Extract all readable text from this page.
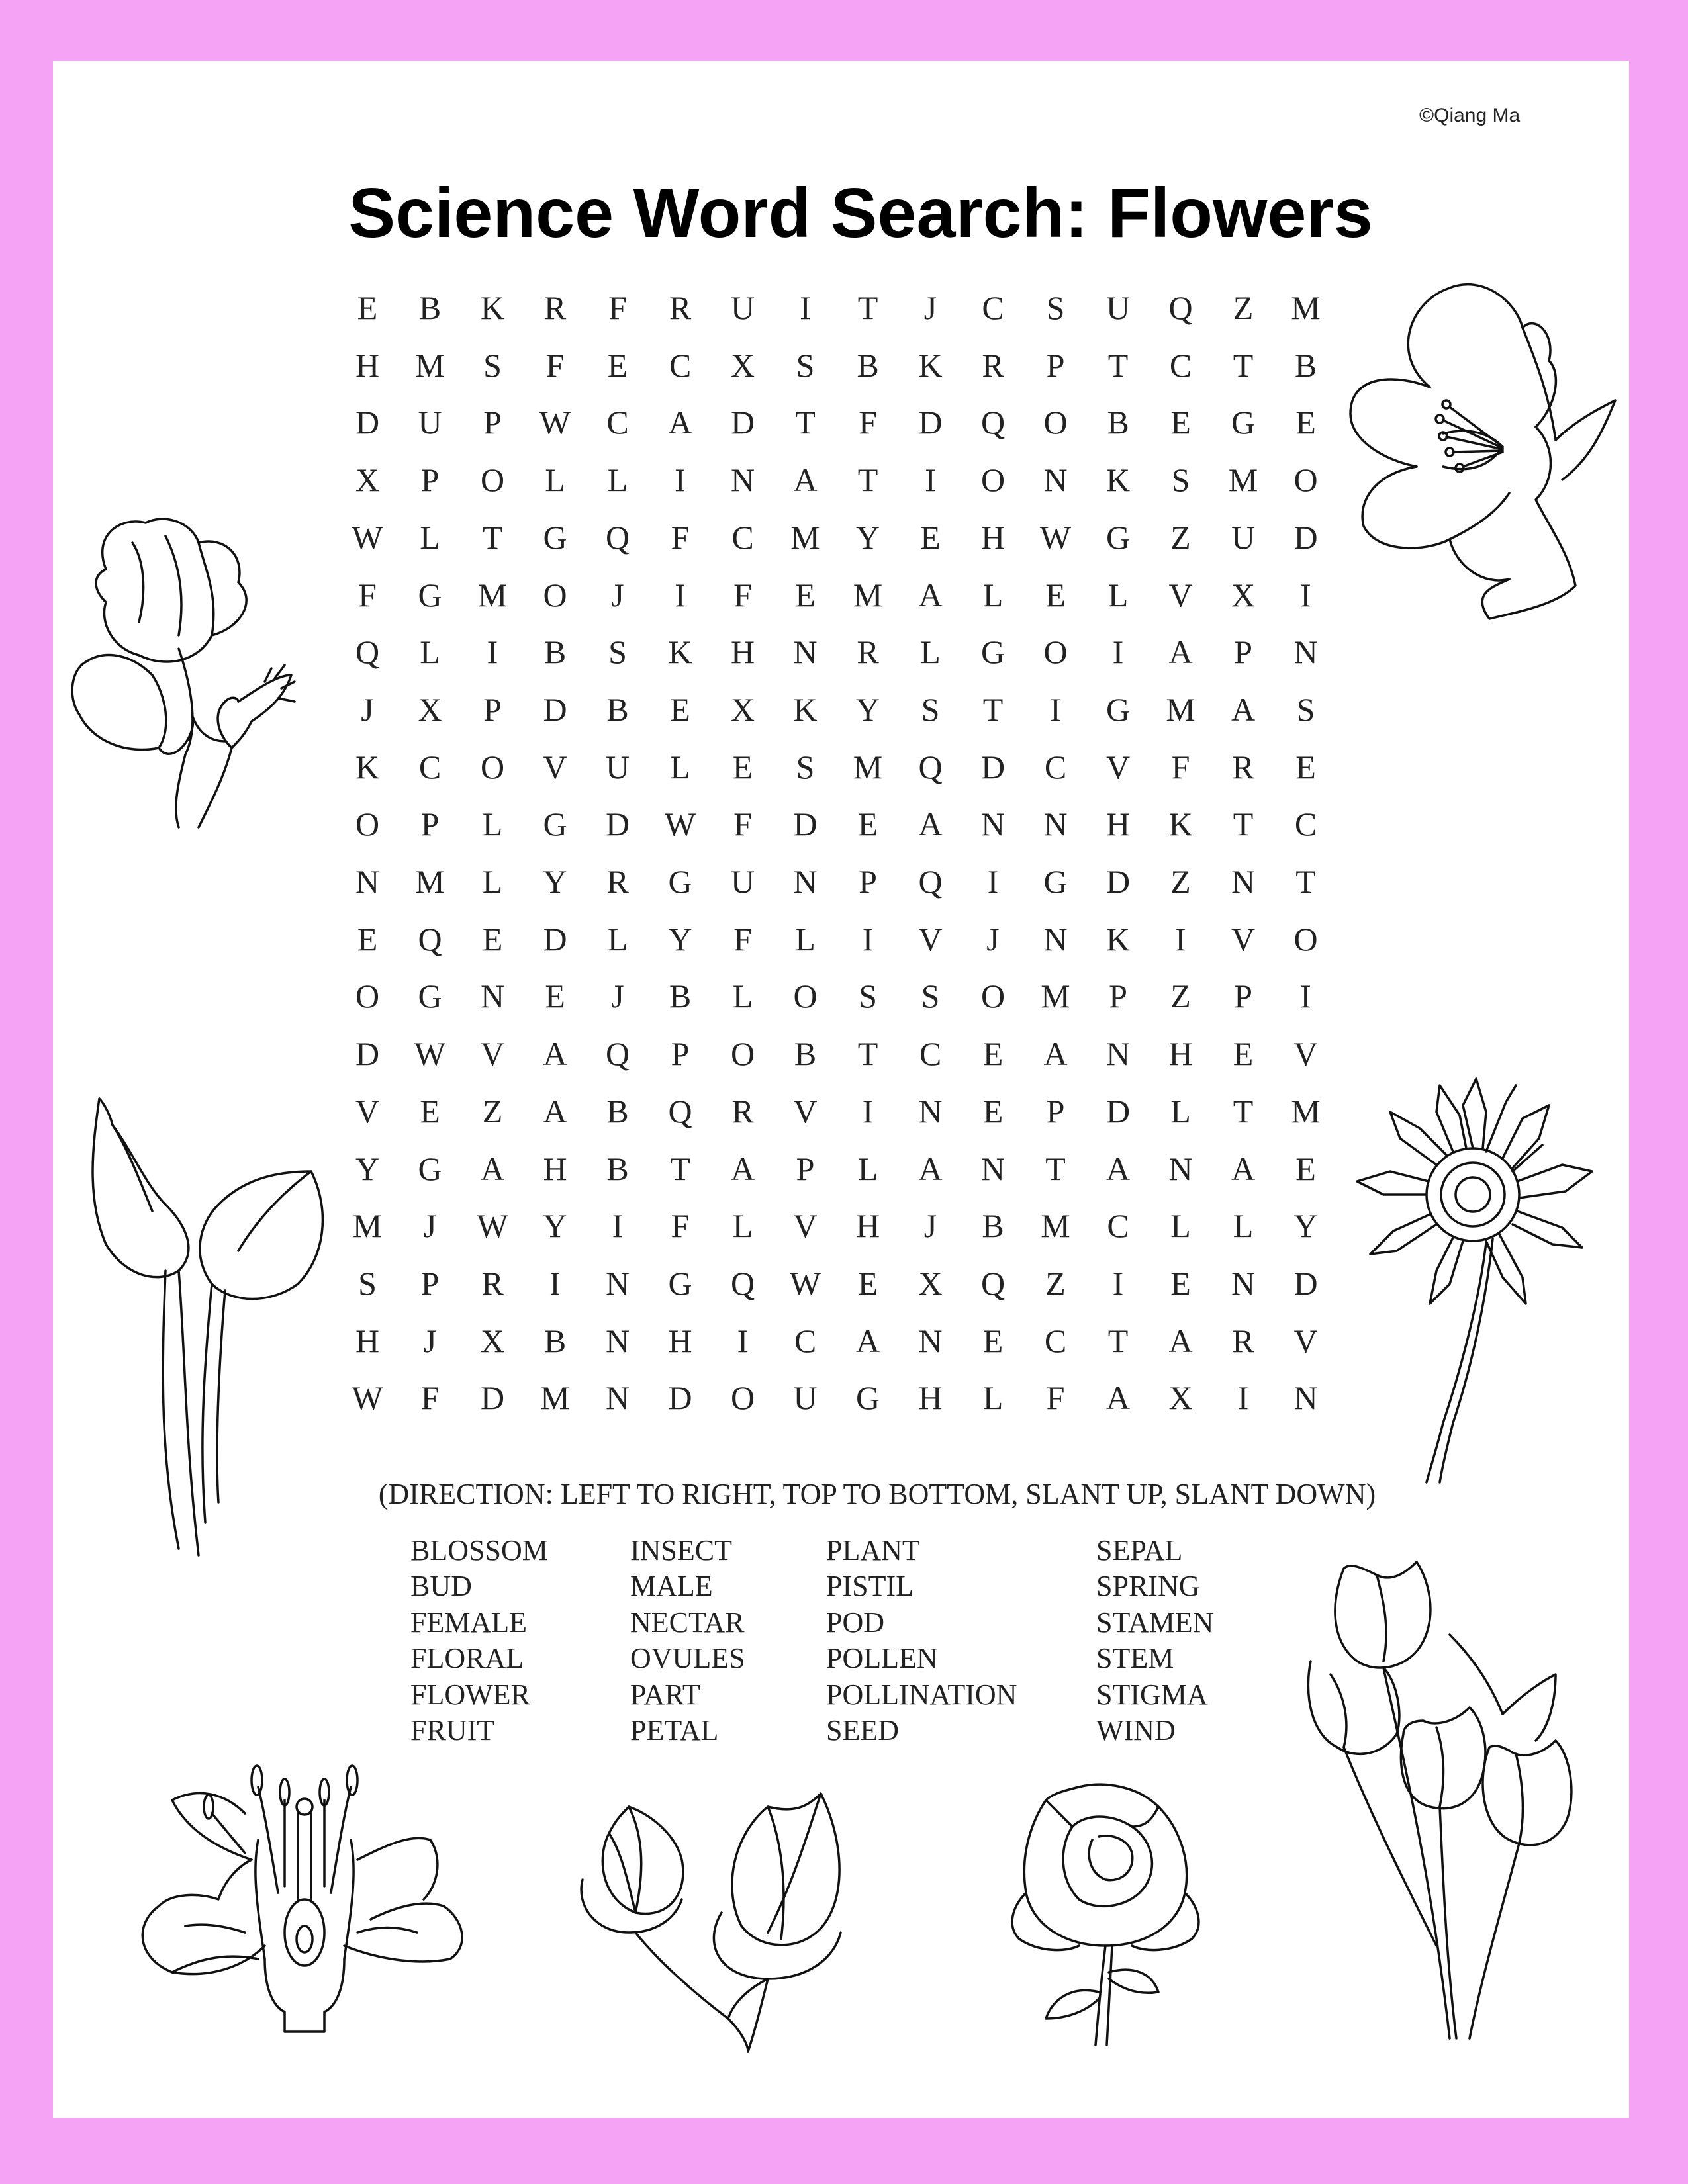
©Qiang Ma
Science Word Search: Flowers
E	B	K	R	F	R	U	I	T	J	C	S	U	Q	Z	M
H	M	S	F	E	C	X	S	B	K	R	P	T	C	T	B
D	U	P	W	C	A	D	T	F	D	Q	O	B	E	G	E
X	P	O	L	L	I	N	A	T	I	O	N	K	S	M	O
W	L	T	G	Q	F	C	M	Y	E	H	W	G	Z	U	D
F	G	M	O	J	I	F	E	M	A	L	E	L	V	X	I
Q	L	I	B	S	K	H	N	R	L	G	O	I	A	P	N
J	X	P	D	B	E	X	K	Y	S	T	I	G	M	A	S
K	C	O	V	U	L	E	S	M	Q	D	C	V	F	R	E
O	P	L	G	D	W	F	D	E	A	N	N	H	K	T	C
N	M	L	Y	R	G	U	N	P	Q	I	G	D	Z	N	T
E	Q	E	D	L	Y	F	L	I	V	J	N	K	I	V	O
O	G	N	E	J	B	L	O	S	S	O	M	P	Z	P	I
D	W	V	A	Q	P	O	B	T	C	E	A	N	H	E	V
V	E	Z	A	B	Q	R	V	I	N	E	P	D	L	T	M
Y	G	A	H	B	T	A	P	L	A	N	T	A	N	A	E
M	J	W	Y	I	F	L	V	H	J	B	M	C	L	L	Y
S	P	R	I	N	G	Q	W	E	X	Q	Z	I	E	N	D
H	J	X	B	N	H	I	C	A	N	E	C	T	A	R	V
W	F	D	M	N	D	O	U	G	H	L	F	A	X	I	N
(DIRECTION: LEFT TO RIGHT, TOP TO BOTTOM, SLANT UP, SLANT DOWN)
BLOSSOM
BUD
FEMALE
FLORAL
FLOWER
FRUIT
INSECT
MALE
NECTAR
OVULES
PART
PETAL
PLANT
PISTIL
POD
POLLEN
POLLINATION
SEED
SEPAL
SPRING
STAMEN
STEM
STIGMA
WIND
